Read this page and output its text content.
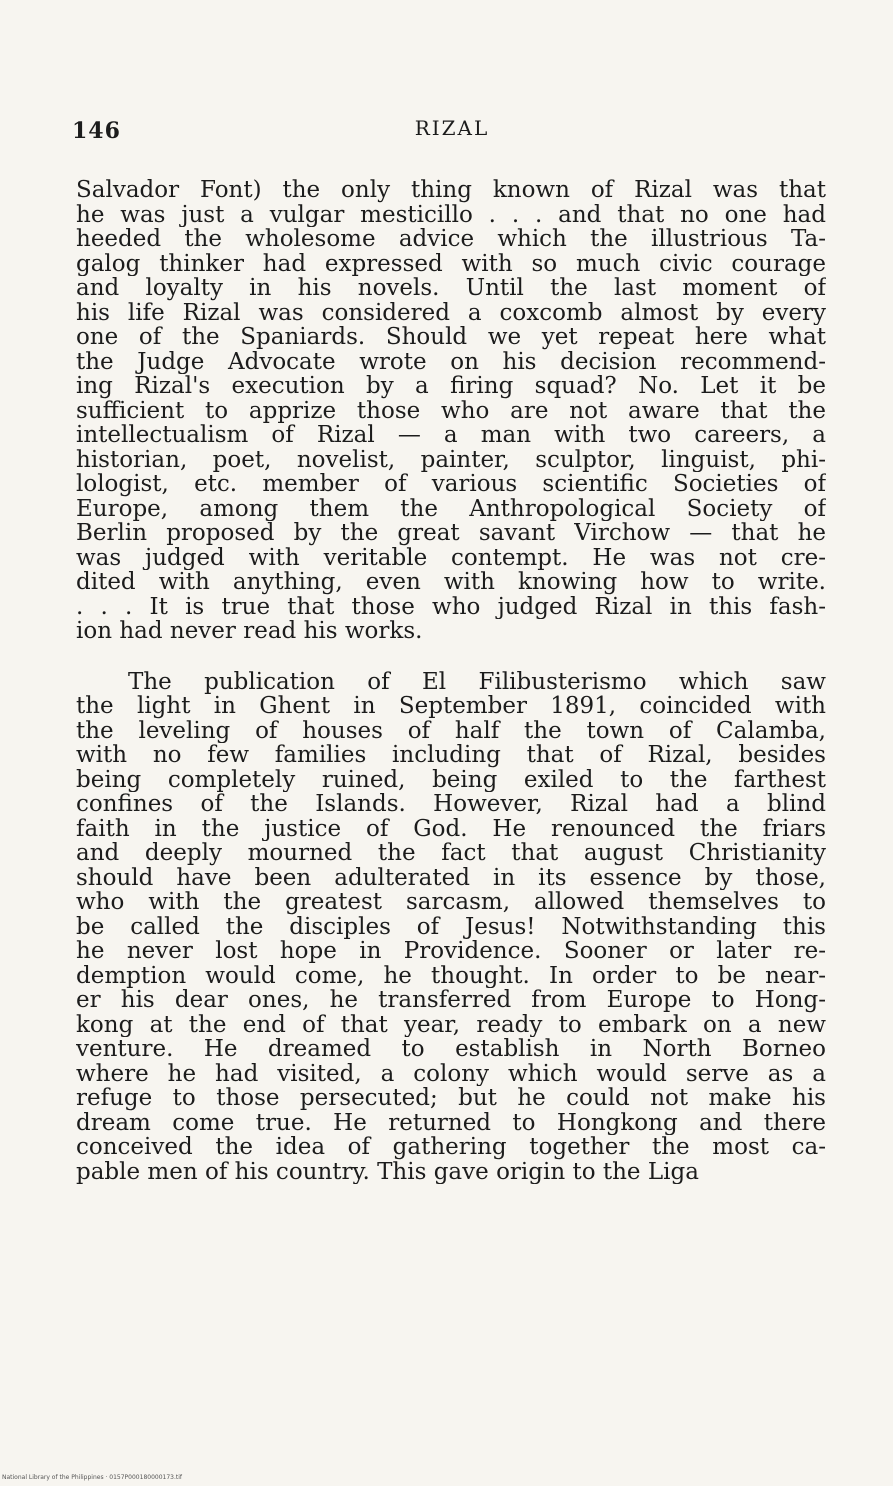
146	RIZAL
Salvador Font) the only thing known of Rizal was that
he was just a vulgar mesticillo . . . and that no one had
heeded the wholesome advice which the illustrious Ta-
galog thinker had expressed with so much civic courage
and loyalty in his novels. Until the last moment of
his life Rizal was considered a coxcomb almost by every
one of the Spaniards. Should we yet repeat here what
the Judge Advocate wrote on his decision recommend-
ing Rizal's execution by a firing squad? No. Let it be
sufficient to apprize those who are not aware that the
intellectualism of Rizal — a man with two careers, a
historian, poet, novelist, painter, sculptor, linguist, phi-
lologist, etc. member of various scientific Societies of
Europe, among them the Anthropological Society of
Berlin proposed by the great savant Virchow — that he
was judged with veritable contempt. He was not cre-
dited with anything, even with knowing how to write.
. . . It is true that those who judged Rizal in this fash-
ion had never read his works.
The publication of El Filibusterismo which saw
the light in Ghent in September 1891, coincided with
the leveling of houses of half the town of Calamba,
with no few families including that of Rizal, besides
being completely ruined, being exiled to the farthest
confines of the Islands. However, Rizal had a blind
faith in the justice of God. He renounced the friars
and deeply mourned the fact that august Christianity
should have been adulterated in its essence by those,
who with the greatest sarcasm, allowed themselves to
be called the disciples of Jesus! Notwithstanding this
he never lost hope in Providence. Sooner or later re-
demption would come, he thought. In order to be near-
er his dear ones, he transferred from Europe to Hong-
kong at the end of that year, ready to embark on a new
venture. He dreamed to establish in North Borneo
where he had visited, a colony which would serve as a
refuge to those persecuted; but he could not make his
dream come true. He returned to Hongkong and there
conceived the idea of gathering together the most ca-
pable men of his country. This gave origin to the Liga
National Library of the Philippines · 0157P000180000173.tif
